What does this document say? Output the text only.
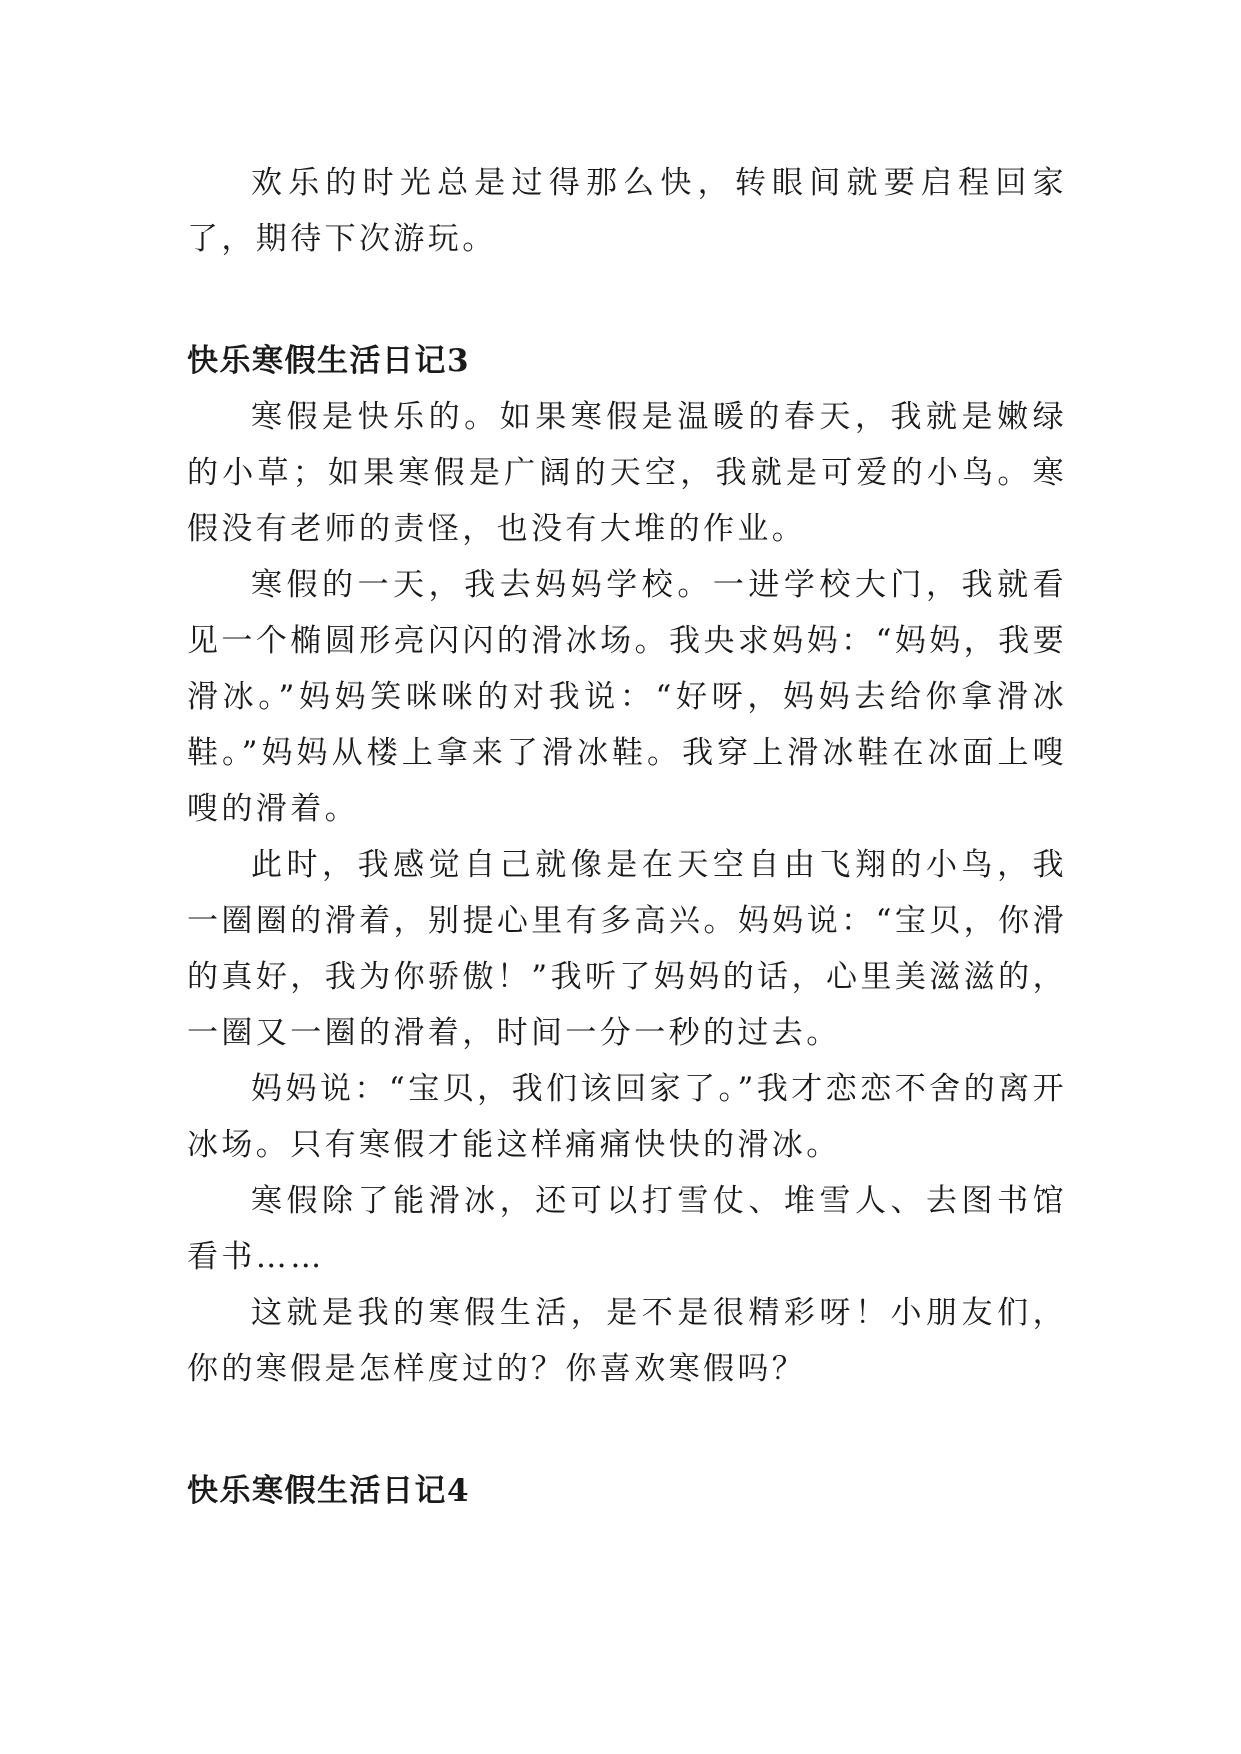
欢乐的时光总是过得那么快，转眼间就要启程回家了，期待下次游玩。

快乐寒假生活日记3

寒假是快乐的。如果寒假是温暖的春天，我就是嫩绿的小草；如果寒假是广阔的天空，我就是可爱的小鸟。寒假没有老师的责怪，也没有大堆的作业。

寒假的一天，我去妈妈学校。一进学校大门，我就看见一个椭圆形亮闪闪的滑冰场。我央求妈妈：“妈妈，我要滑冰。”妈妈笑咪咪的对我说：“好呀，妈妈去给你拿滑冰鞋。”妈妈从楼上拿来了滑冰鞋。我穿上滑冰鞋在冰面上嗖嗖的滑着。

此时，我感觉自己就像是在天空自由飞翔的小鸟，我一圈圈的滑着，别提心里有多高兴。妈妈说：“宝贝，你滑的真好，我为你骄傲！”我听了妈妈的话，心里美滋滋的，一圈又一圈的滑着，时间一分一秒的过去。

妈妈说：“宝贝，我们该回家了。”我才恋恋不舍的离开冰场。只有寒假才能这样痛痛快快的滑冰。

寒假除了能滑冰，还可以打雪仗、堆雪人、去图书馆看书……

这就是我的寒假生活，是不是很精彩呀！小朋友们，你的寒假是怎样度过的？你喜欢寒假吗？

快乐寒假生活日记4
